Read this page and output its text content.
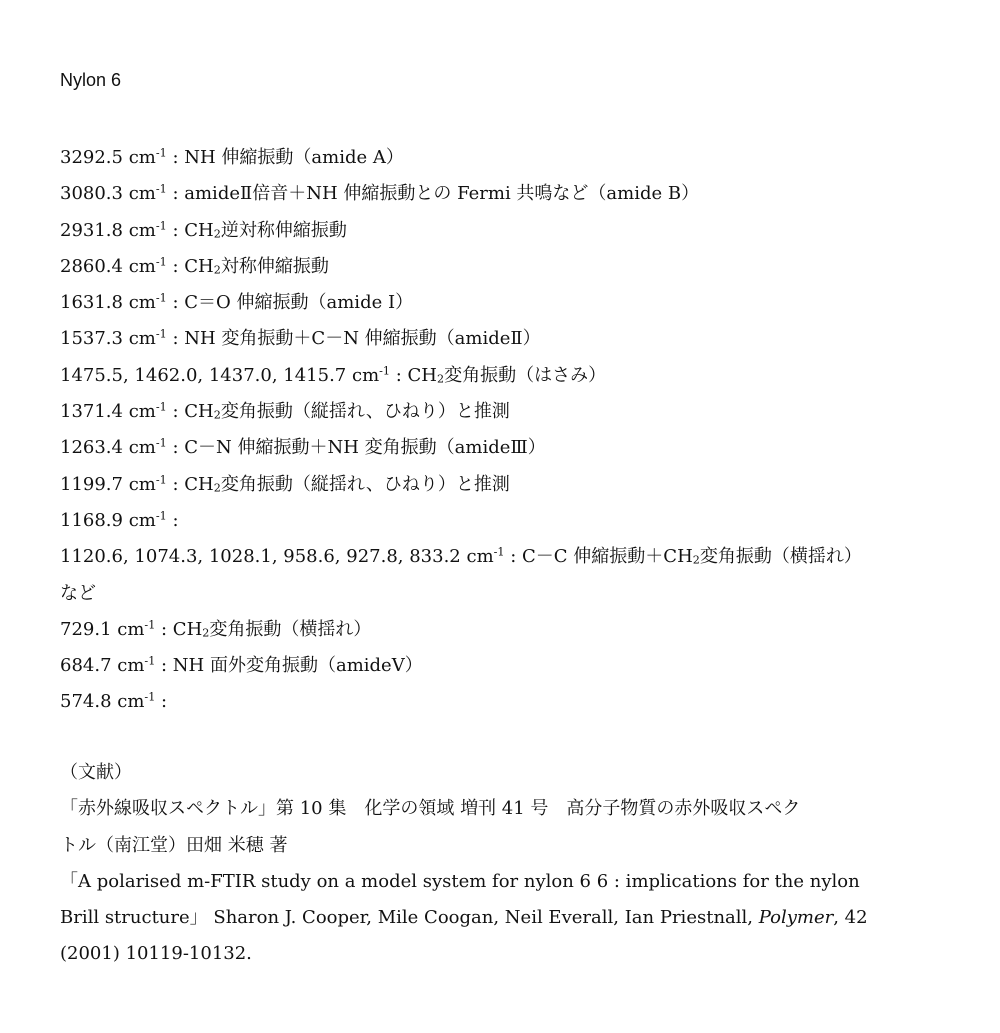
Nylon 6
3292.5 $cm^{-1}$ : NH 伸縮振動（amide A）
3080.3 $cm^{-1}$ : amideⅡ倍音＋NH 伸縮振動との Fermi 共鳴など（amide B）
2931.8 $cm^{-1}$ : $CH_2$逆対称伸縮振動
2860.4 $cm^{-1}$ : $CH_2$対称伸縮振動
1631.8 $cm^{-1}$ : C＝O 伸縮振動（amide Ⅰ）
1537.3 $cm^{-1}$ : NH 変角振動＋C－N 伸縮振動（amideⅡ）
1475.5, 1462.0, 1437.0, 1415.7 $cm^{-1}$ : $CH_2$変角振動（はさみ）
1371.4 $cm^{-1}$ : $CH_2$変角振動（縦揺れ、ひねり）と推測
1263.4 $cm^{-1}$ : C－N 伸縮振動＋NH 変角振動（amideⅢ）
1199.7 $cm^{-1}$ : $CH_2$変角振動（縦揺れ、ひねり）と推測
1168.9 $cm^{-1}$ :
1120.6, 1074.3, 1028.1, 958.6, 927.8, 833.2 $cm^{-1}$ : C－C 伸縮振動$+CH_2$変角振動（横揺れ）
など
729.1 $cm^{-1}$ : $CH_2$変角振動（横揺れ）
684.7 $cm^{-1}$ : NH 面外変角振動（amideⅤ）
574.8 $cm^{-1}$ :
（文献）
「赤外線吸収スペクトル」第 10 集　化学の領域 増刊 41 号　高分子物質の赤外吸収スペク
トル（南江堂）田畑 米穂 著
「A polarised m-FTIR study on a model system for nylon 6 6 : implications for the nylon
Brill structure」 Sharon J. Cooper, Mile Coogan, Neil Everall, Ian Priestnall, Polymer, 42
(2001) 10119-10132.
